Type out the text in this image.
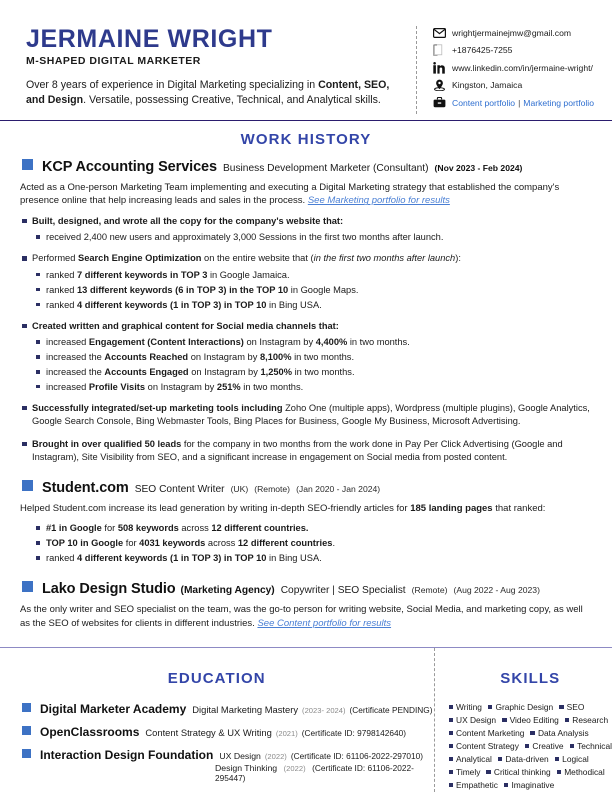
JERMAINE WRIGHT
M-SHAPED DIGITAL MARKETER

Over 8 years of experience in Digital Marketing specializing in Content, SEO, and Design. Versatile, possessing Creative, Technical, and Analytical skills.

wrightjermainejmw@gmail.com
+1876425-7255
www.linkedin.com/in/jermaine-wright/
Kingston, Jamaica
Content portfolio | Marketing portfolio
WORK HISTORY
KCP Accounting Services Business Development Marketer (Consultant) (Nov 2023 - Feb 2024)

Acted as a One-person Marketing Team implementing and executing a Digital Marketing strategy that established the company's presence online that help increasing leads and sales in the process. See Marketing portfolio for results

Built, designed, and wrote all the copy for the company's website that:
received 2,400 new users and approximately 3,000 Sessions in the first two months after launch.
Performed Search Engine Optimization on the entire website that (in the first two months after launch):
ranked 7 different keywords in TOP 3 in Google Jamaica.
ranked 13 different keywords (6 in TOP 3) in the TOP 10 in Google Maps.
ranked 4 different keywords (1 in TOP 3) in TOP 10 in Bing USA.
Created written and graphical content for Social media channels that:
increased Engagement (Content Interactions) on Instagram by 4,400% in two months.
increased the Accounts Reached on Instagram by 8,100% in two months.
increased the Accounts Engaged on Instagram by 1,250% in two months.
increased Profile Visits on Instagram by 251% in two months.
Successfully integrated/set-up marketing tools including Zoho One (multiple apps), Wordpress (multiple plugins), Google Analytics, Google Search Console, Bing Webmaster Tools, Bing Places for Business, Google My Business, Microsoft Advertising.
Brought in over qualified 50 leads for the company in two months from the work done in Pay Per Click Advertising (Google and Instagram), Site Visibility from SEO, and a significant increase in engagement on Social media from posted content.
Student.com SEO Content Writer (UK) (Remote) (Jan 2020 - Jan 2024)

Helped Student.com increase its lead generation by writing in-depth SEO-friendly articles for 185 landing pages that ranked:

#1 in Google for 508 keywords across 12 different countries.
TOP 10 in Google for 4031 keywords across 12 different countries.
ranked 4 different keywords (1 in TOP 3) in TOP 10 in Bing USA.
Lako Design Studio (Marketing Agency) Copywriter | SEO Specialist (Remote) (Aug 2022 - Aug 2023)

As the only writer and SEO specialist on the team, was the go-to person for writing website, Social Media, and marketing copy, as well as the SEO of websites for clients in different industries. See Content portfolio for results

EDUCATION
Digital Marketer Academy Digital Marketing Mastery (2023- 2024) (Certificate PENDING)
OpenClassrooms Content Strategy & UX Writing (2021) (Certificate ID: 9798142640)
Interaction Design Foundation UX Design (2022) (Certificate ID: 61106-2022-297010)
Design Thinking (2022) (Certificate ID: 61106-2022-295447)
SKILLS
Writing Graphic Design SEO
UX Design Video Editing Research
Content Marketing Data Analysis
Content Strategy Creative Technical
Analytical Data-driven Logical
Timely Critical thinking Methodical
Empathetic Imaginative
